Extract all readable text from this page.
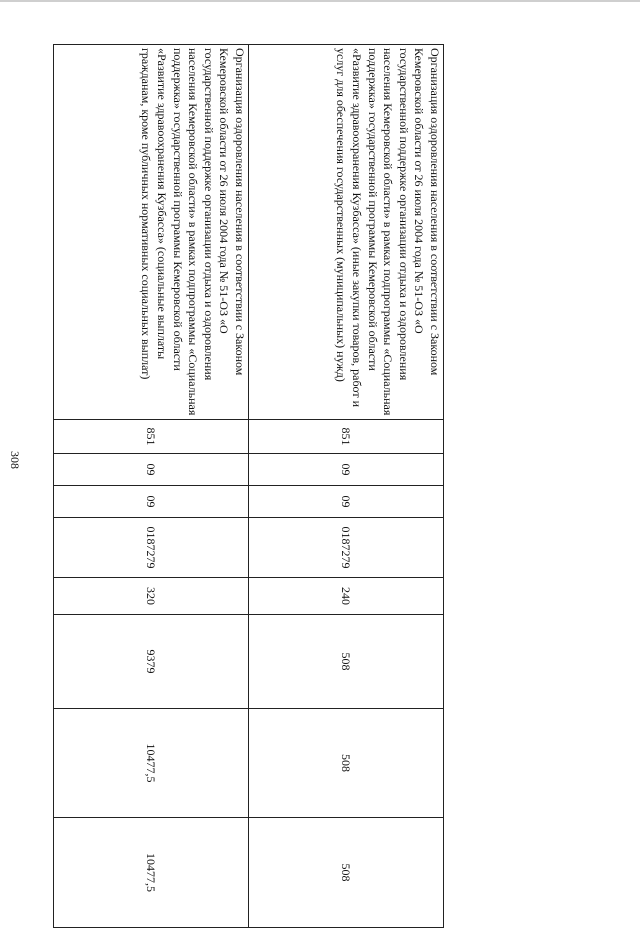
308
Организация оздоровления населения в соответствии с Законом Кемеровской области от 26 июля 2004 года № 51-ОЗ «О государственной поддержке организации отдыха и оздоровления населения Кемеровской области» в рамках подпрограммы «Социальная поддержка» государственной программы Кемеровской области «Развитие здравоохранения Кузбасса» (иные закупки товаров, работ и услуг для обеспечения государственных (муниципальных) нужд)	851	09	09	0187279	240	508	508	508
Организация оздоровления населения в соответствии с Законом Кемеровской области от 26 июля 2004 года № 51-ОЗ «О государственной поддержке организации отдыха и оздоровления населения Кемеровской области» в рамках подпрограммы «Социальная поддержка» государственной программы Кемеровской области «Развитие здравоохранения Кузбасса» (социальные выплаты гражданам, кроме публичных нормативных социальных выплат)	851	09	09	0187279	320	9379	10477,5	10477,5
